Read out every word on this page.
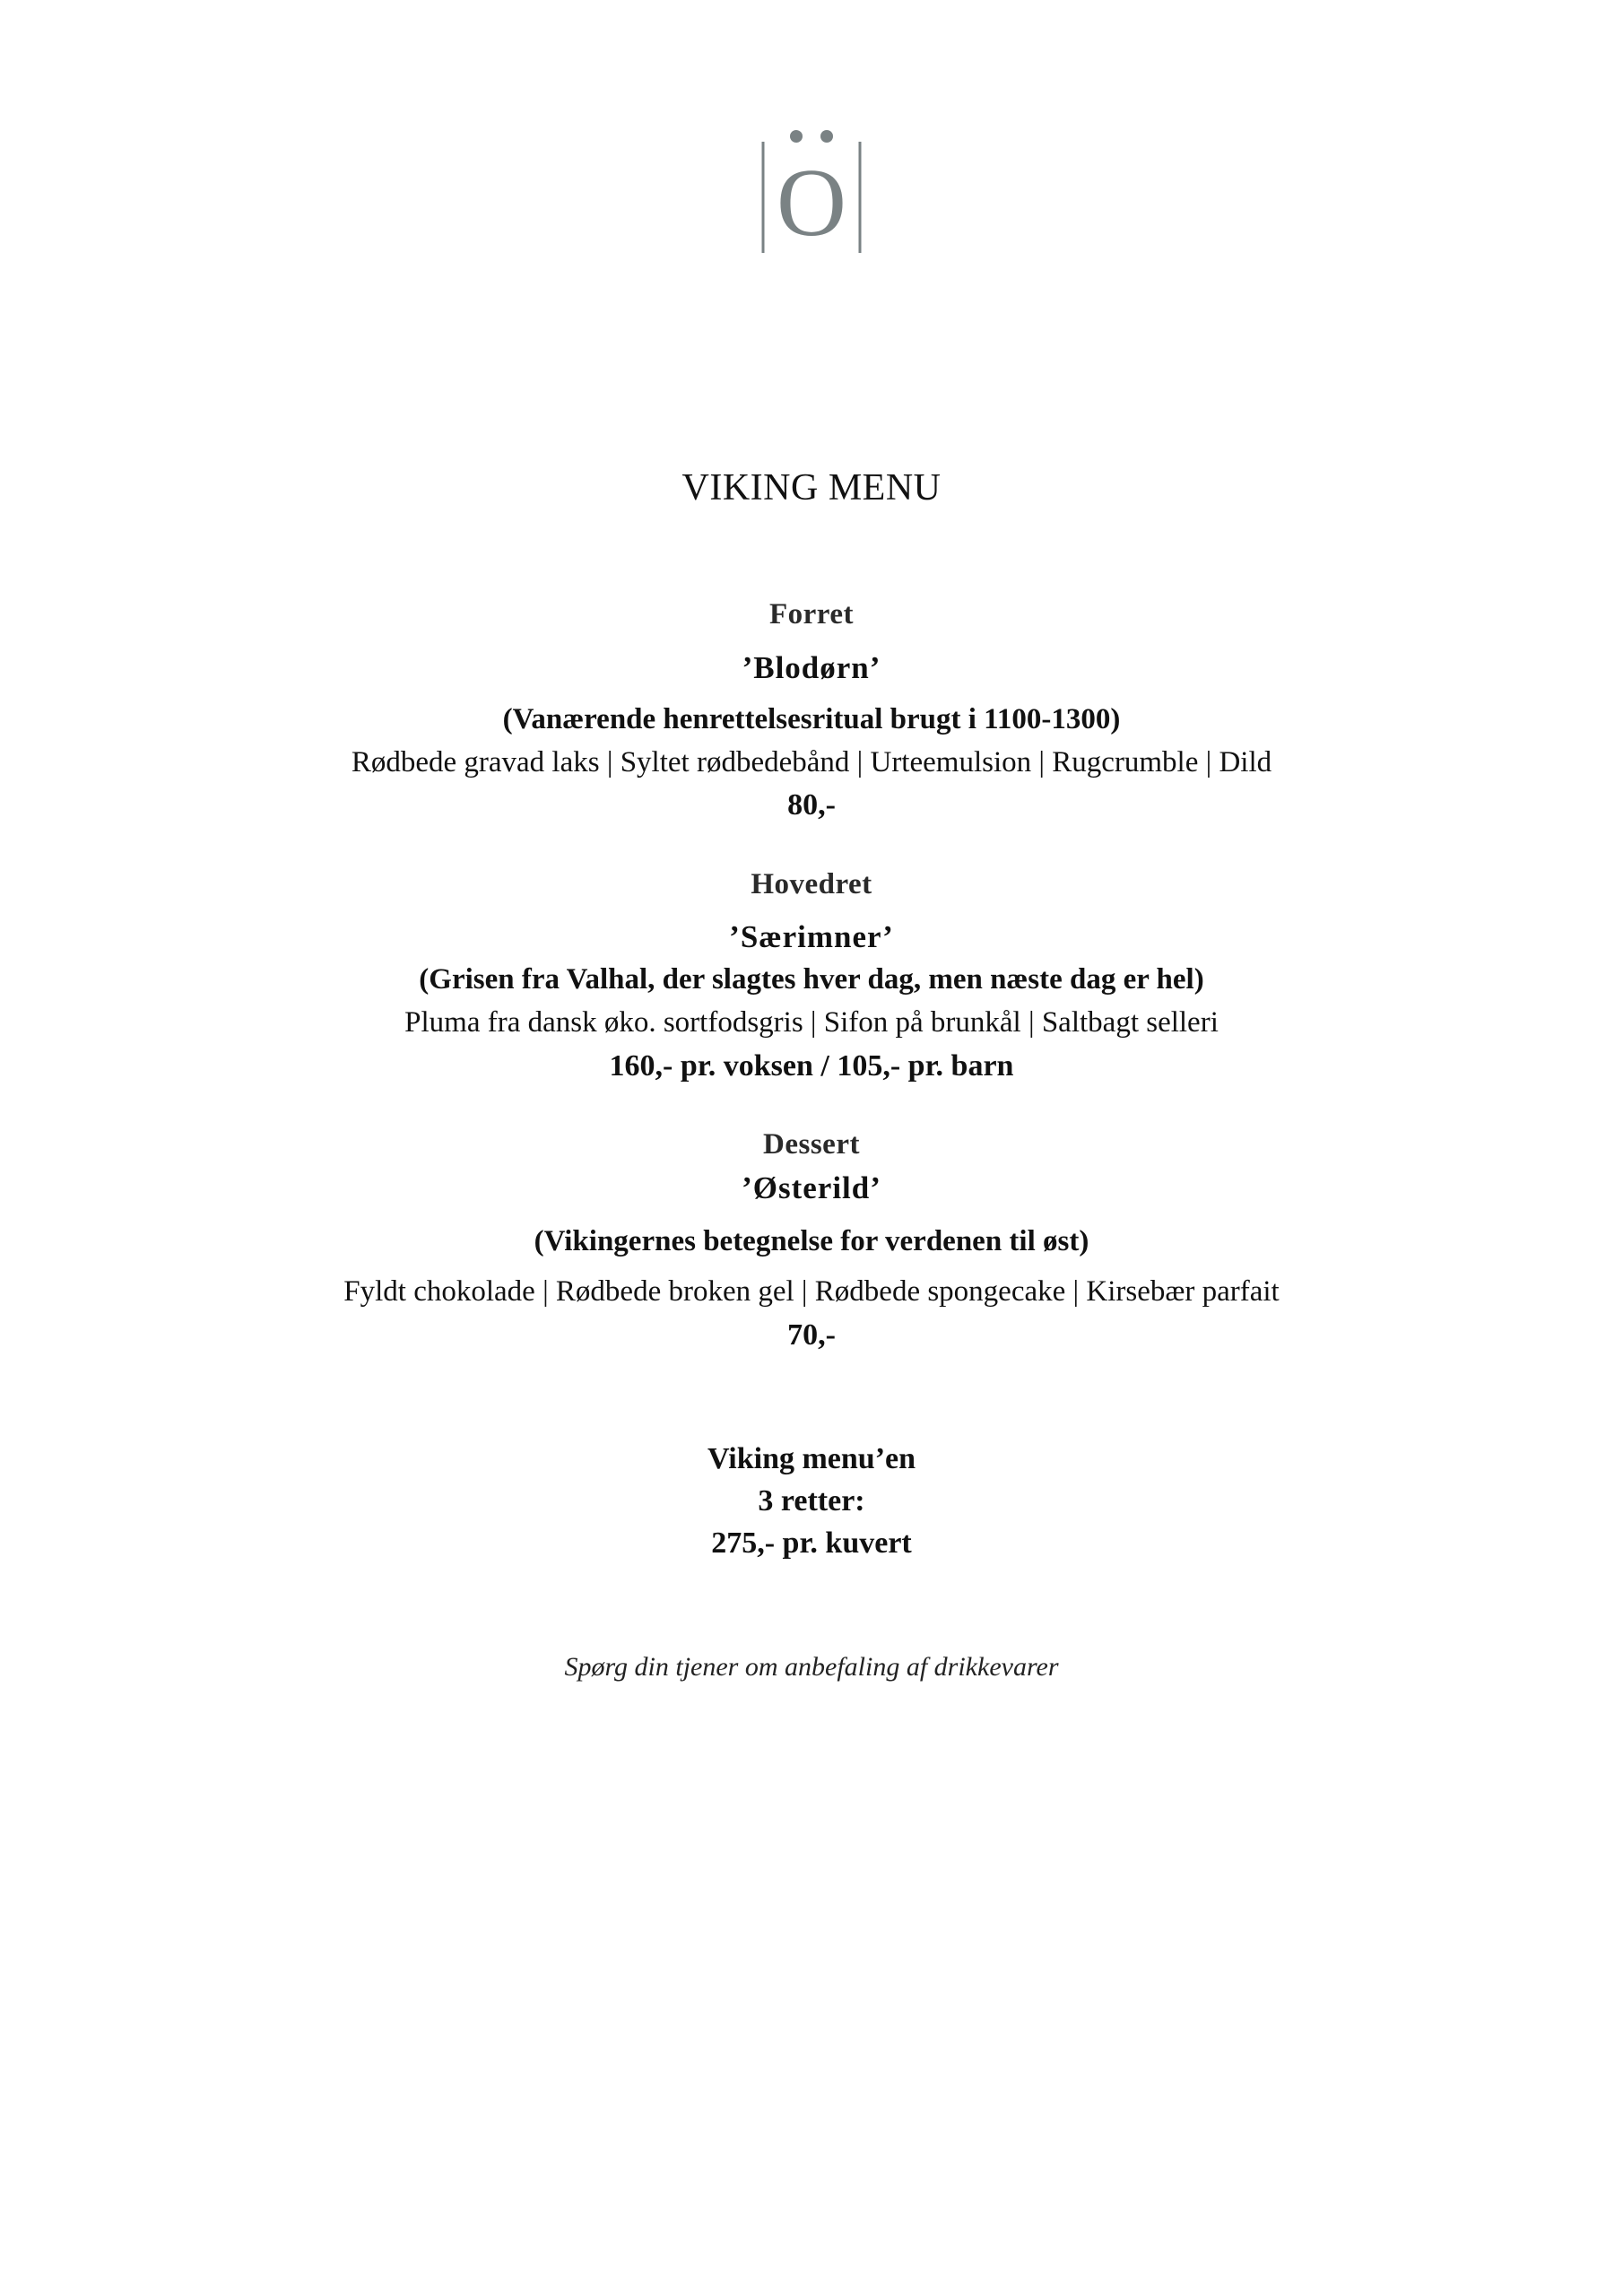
O
VIKING MENU
Forret
’Blodørn’
(Vanærende henrettelsesritual brugt i 1100-1300)
Rødbede gravad laks | Syltet rødbedebånd | Urteemulsion | Rugcrumble | Dild
80,-
Hovedret
’Særimner’
(Grisen fra Valhal, der slagtes hver dag, men næste dag er hel)
Pluma fra dansk øko. sortfodsgris | Sifon på brunkål | Saltbagt selleri
160,- pr. voksen / 105,- pr. barn
Dessert
’Østerild’
(Vikingernes betegnelse for verdenen til øst)
Fyldt chokolade | Rødbede broken gel | Rødbede spongecake | Kirsebær parfait
70,-
Viking menu’en
3 retter:
275,- pr. kuvert
Spørg din tjener om anbefaling af drikkevarer
